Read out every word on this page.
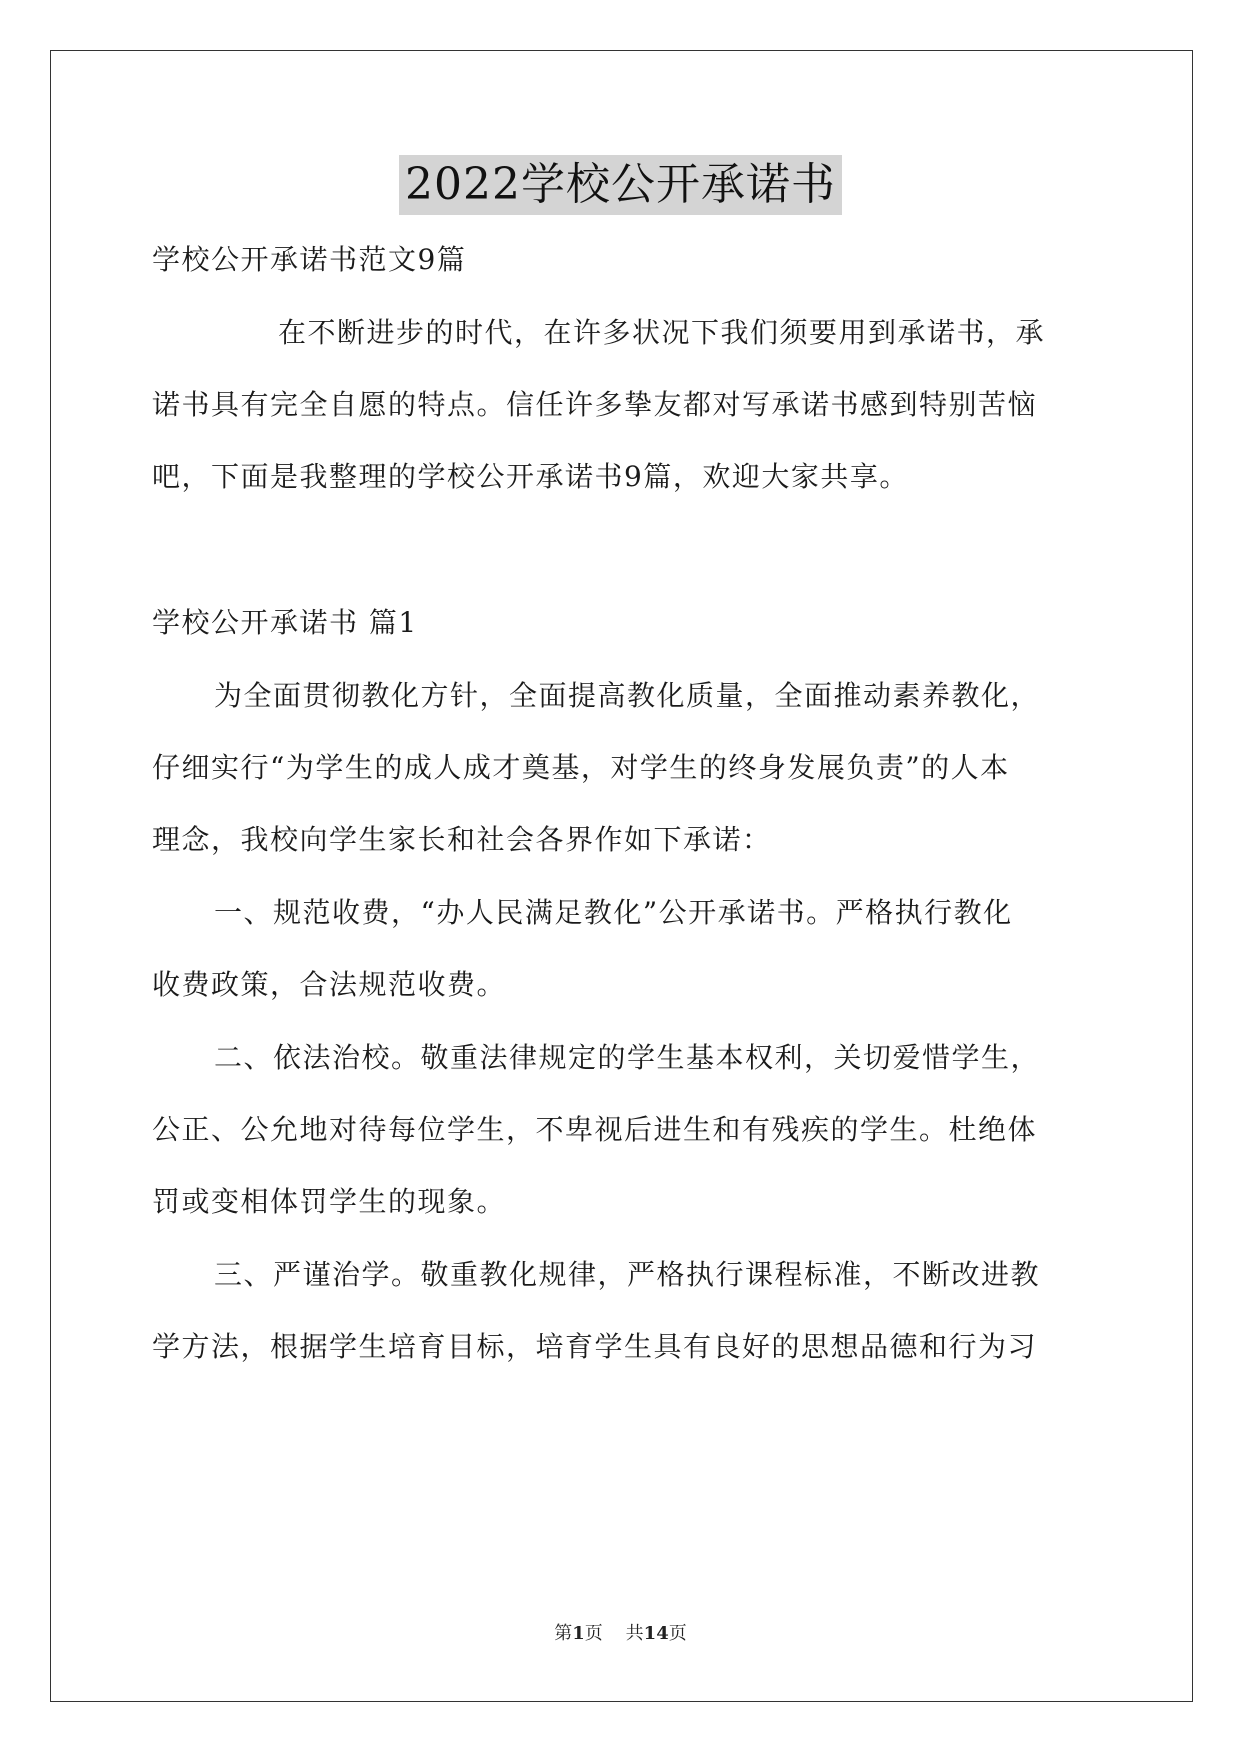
2022学校公开承诺书
学校公开承诺书范文9篇
在不断进步的时代，在许多状况下我们须要用到承诺书，承
诺书具有完全自愿的特点。信任许多挚友都对写承诺书感到特别苦恼
吧，下面是我整理的学校公开承诺书9篇，欢迎大家共享。
学校公开承诺书 篇1
为全面贯彻教化方针，全面提高教化质量，全面推动素养教化，
仔细实行“为学生的成人成才奠基，对学生的终身发展负责”的人本
理念，我校向学生家长和社会各界作如下承诺：
一、规范收费，“办人民满足教化”公开承诺书。严格执行教化
收费政策，合法规范收费。
二、依法治校。敬重法律规定的学生基本权利，关切爱惜学生，
公正、公允地对待每位学生，不卑视后进生和有残疾的学生。杜绝体
罚或变相体罚学生的现象。
三、严谨治学。敬重教化规律，严格执行课程标准，不断改进教
学方法，根据学生培育目标，培育学生具有良好的思想品德和行为习
第1页 共14页
